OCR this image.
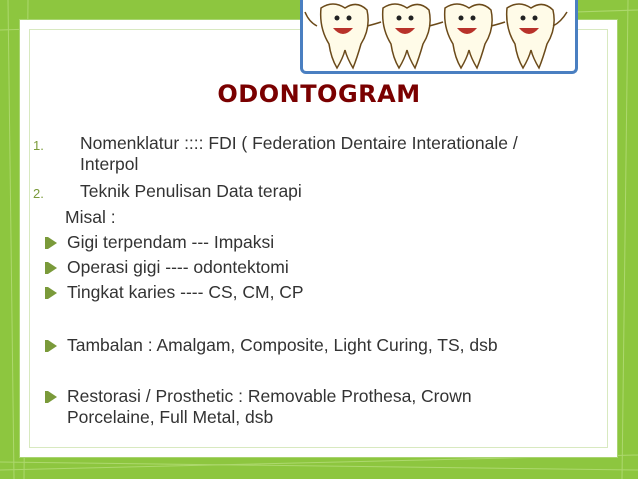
ODONTOGRAM
1. Nomenklatur :::: FDI ( Federation Dentaire Interationale /
Interpol
2. Teknik Penulisan Data terapi
Misal :
Gigi terpendam --- Impaksi
Operasi gigi ---- odontektomi
Tingkat karies ---- CS, CM, CP
Tambalan : Amalgam, Composite, Light Curing, TS, dsb
Restorasi / Prosthetic : Removable Prothesa, Crown
Porcelaine, Full Metal, dsb
